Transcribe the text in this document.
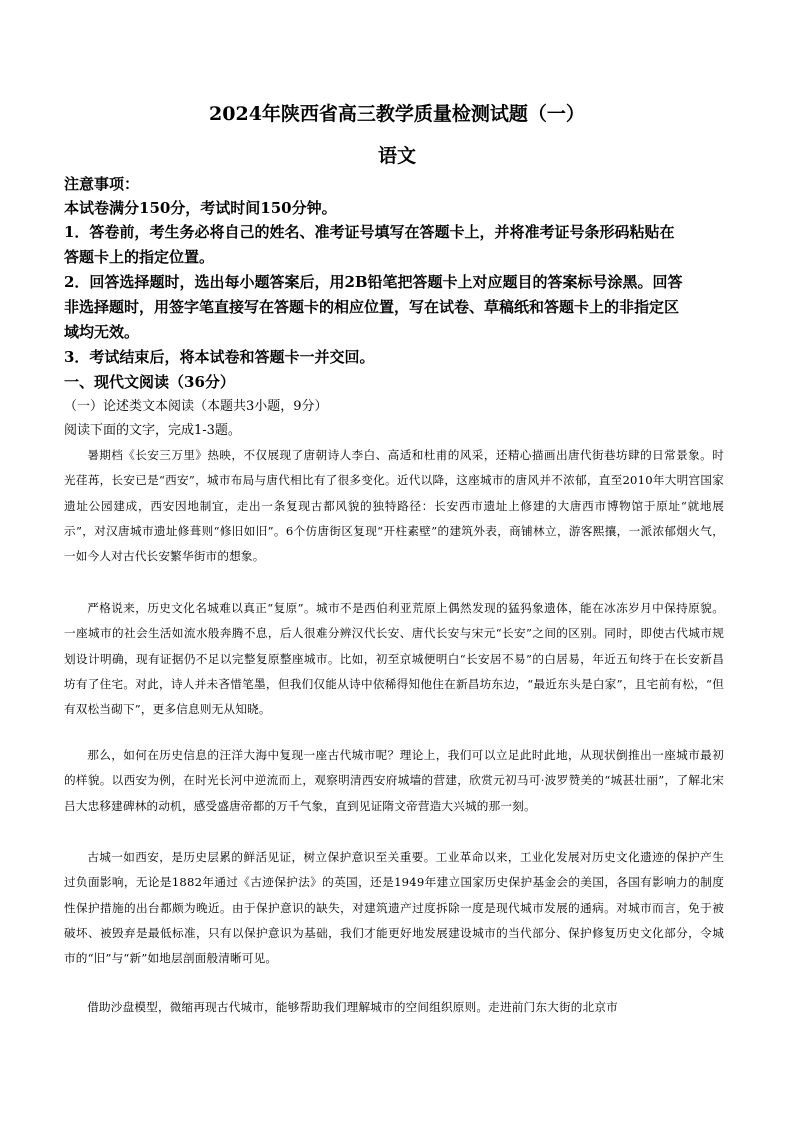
2024年陕西省高三教学质量检测试题（一）
语文
注意事项：
本试卷满分150分，考试时间150分钟。
1．答卷前，考生务必将自己的姓名、准考证号填写在答题卡上，并将准考证号条形码粘贴在
答题卡上的指定位置。
2．回答选择题时，选出每小题答案后，用2B铅笔把答题卡上对应题目的答案标号涂黑。回答
非选择题时，用签字笔直接写在答题卡的相应位置，写在试卷、草稿纸和答题卡上的非指定区
域均无效。
3．考试结束后，将本试卷和答题卡一并交回。
一、现代文阅读（36分）
（一）论述类文本阅读（本题共3小题，9分）
阅读下面的文字，完成1-3题。

暑期档《长安三万里》热映，不仅展现了唐朝诗人李白、高适和杜甫的风采，还精心描画出唐代街巷坊肆的日常景象。时光荏苒，长安已是“西安”，城市布局与唐代相比有了很多变化。近代以降，这座城市的唐风并不浓郁，直至2010年大明宫国家遗址公园建成，西安因地制宜，走出一条复现古都风貌的独特路径：长安西市遗址上修建的大唐西市博物馆于原址“就地展示”，对汉唐城市遗址修葺则“修旧如旧”。6个仿唐街区复现“开柱素壁”的建筑外表，商铺林立，游客熙攘，一派浓郁烟火气，一如今人对古代长安繁华街市的想象。

严格说来，历史文化名城难以真正“复原”。城市不是西伯利亚荒原上偶然发现的猛犸象遗体，能在冰冻岁月中保持原貌。一座城市的社会生活如流水般奔腾不息，后人很难分辨汉代长安、唐代长安与宋元“长安”之间的区别。同时，即使古代城市规划设计明确，现有证据仍不足以完整复原整座城市。比如，初至京城便明白“长安居不易”的白居易，年近五旬终于在长安新昌坊有了住宅。对此，诗人并未吝惜笔墨，但我们仅能从诗中依稀得知他住在新昌坊东边，“最近东头是白家”，且宅前有松，“但有双松当砌下”，更多信息则无从知晓。

那么，如何在历史信息的汪洋大海中复现一座古代城市呢？理论上，我们可以立足此时此地，从现状倒推出一座城市最初的样貌。以西安为例，在时光长河中逆流而上，观察明清西安府城墙的营建，欣赏元初马可·波罗赞美的“城甚壮丽”，了解北宋吕大忠移建碑林的动机，感受盛唐帝都的万千气象，直到见证隋文帝营造大兴城的那一刻。

古城一如西安，是历史层累的鲜活见证，树立保护意识至关重要。工业革命以来，工业化发展对历史文化遗迹的保护产生过负面影响，无论是1882年通过《古迹保护法》的英国，还是1949年建立国家历史保护基金会的美国，各国有影响力的制度性保护措施的出台都颇为晚近。由于保护意识的缺失，对建筑遗产过度拆除一度是现代城市发展的通病。对城市而言，免于被破坏、被毁弃是最低标准，只有以保护意识为基础，我们才能更好地发展建设城市的当代部分、保护修复历史文化部分，令城市的“旧”与“新”如地层剖面般清晰可见。

借助沙盘模型，微缩再现古代城市，能够帮助我们理解城市的空间组织原则。走进前门东大街的北京市
